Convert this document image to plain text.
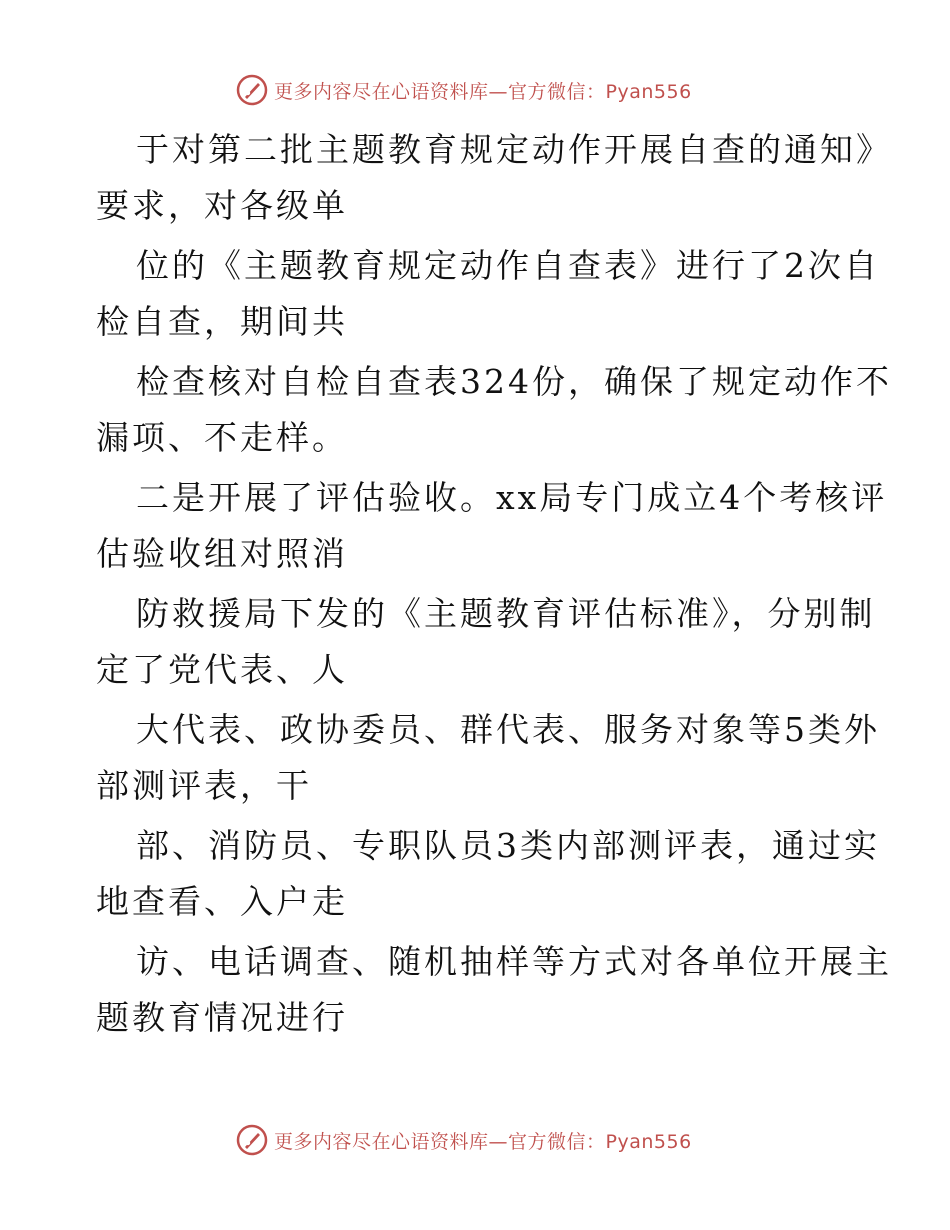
更多内容尽在心语资料库—官方微信：Pyan556
于对第二批主题教育规定动作开展自查的通知》
要求，对各级单
位的《主题教育规定动作自查表》进行了2次自
检自查，期间共
检查核对自检自查表324份，确保了规定动作不
漏项、不走样。
二是开展了评估验收。xx局专门成立4个考核评
估验收组对照消
防救援局下发的《主题教育评估标准》，分别制
定了党代表、人
大代表、政协委员、群代表、服务对象等5类外
部测评表，干
部、消防员、专职队员3类内部测评表，通过实
地查看、入户走
访、电话调查、随机抽样等方式对各单位开展主
题教育情况进行
更多内容尽在心语资料库—官方微信：Pyan556
